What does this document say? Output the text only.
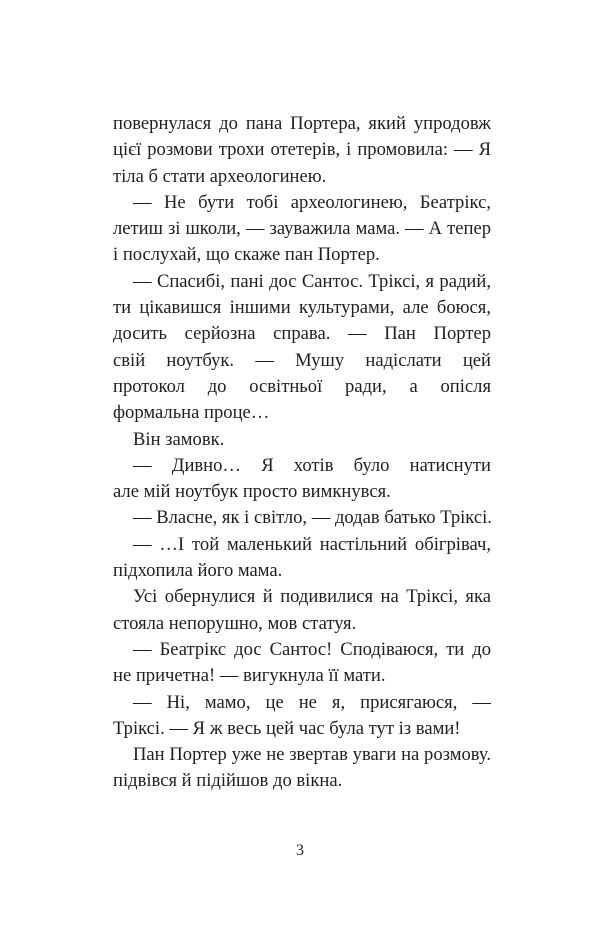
повернулася до пана Портера, який упродовж
цієї розмови трохи отетерів, і промовила: — Я
тіла б стати археологинею.
— Не бути тобі археологинею, Беатрікс,
летиш зі школи, — зауважила мама. — А тепер
і послухай, що скаже пан Портер.
— Спасибі, пані дос Сантос. Тріксі, я радий,
ти цікавишся іншими культурами, але боюся,
досить серйозна справа. — Пан Портер
свій ноутбук. — Мушу надіслати цей
протокол до освітньої ради, а опісля
формальна проце…
Він замовк.
— Дивно… Я хотів було натиснути
але мій ноутбук просто вимкнувся.
— Власне, як і світло, — додав батько Тріксі.
— …І той маленький настільний обігрівач,
підхопила його мама.
Усі обернулися й подивилися на Тріксі, яка
стояла непорушно, мов статуя.
— Беатрікс дос Сантос! Сподіваюся, ти до
не причетна! — вигукнула її мати.
— Ні, мамо, це не я, присягаюся, —
Тріксі. — Я ж весь цей час була тут із вами!
Пан Портер уже не звертав уваги на розмову.
підвівся й підійшов до вікна.
3
